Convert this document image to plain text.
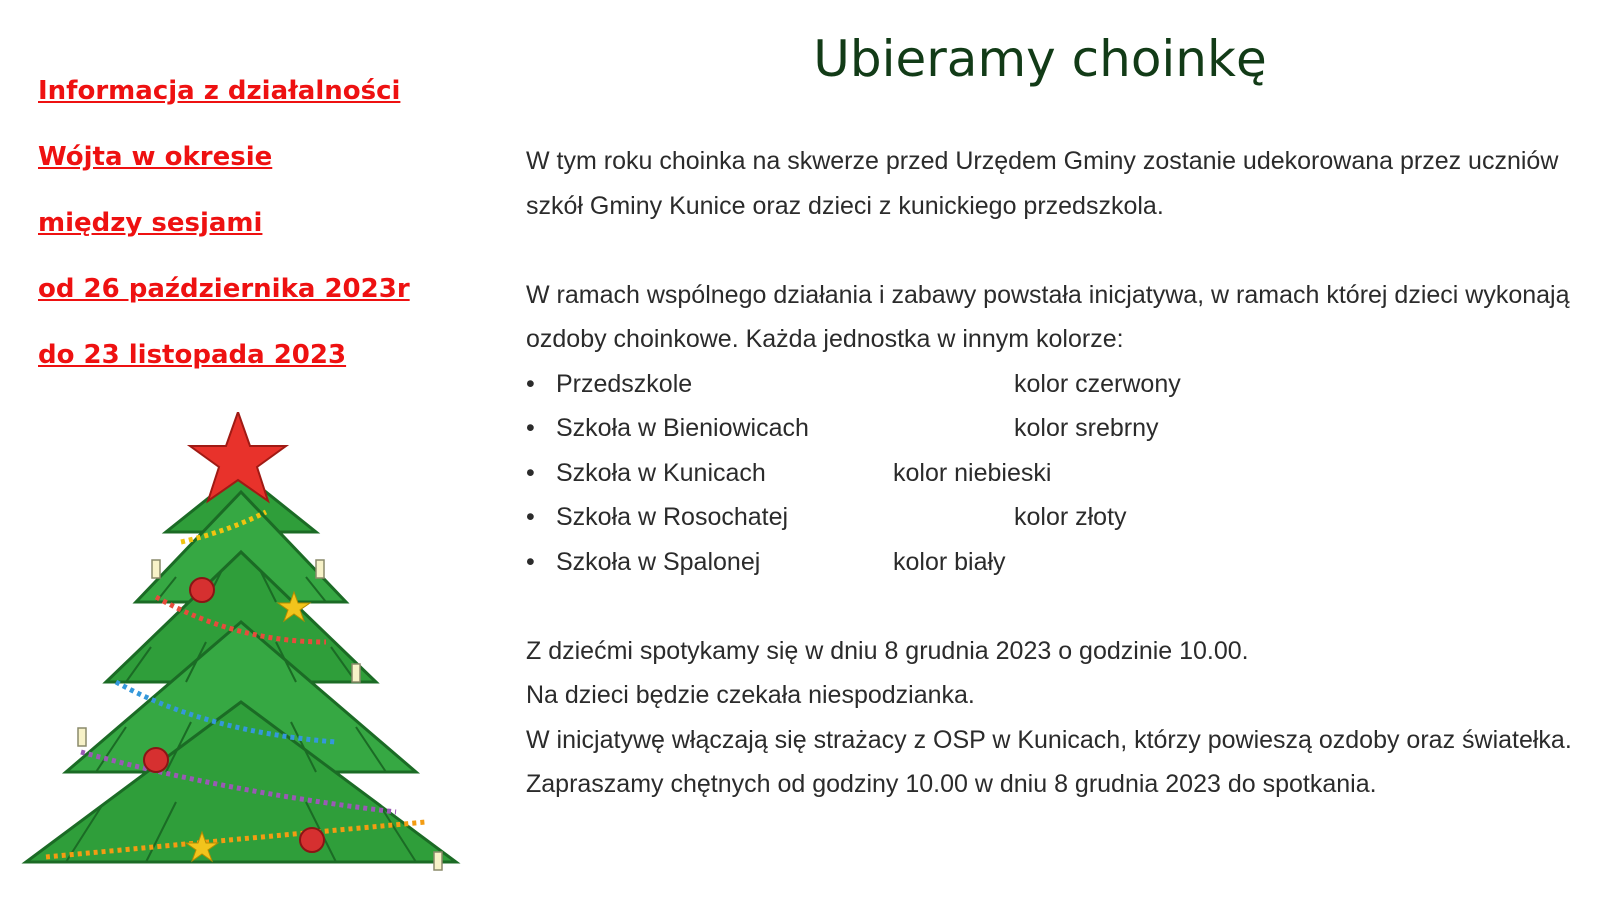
Informacja z działalności
Wójta w okresie
między sesjami
od 26 października 2023r
do 23 listopada 2023
Ubieramy choinkę

W tym roku choinka na skwerze przed Urzędem Gminy zostanie udekorowana przez uczniów

szkół Gminy Kunice oraz dzieci z kunickiego przedszkola.

W ramach wspólnego działania i zabawy powstała inicjatywa, w ramach której dzieci wykonają

ozdoby choinkowe. Każda jednostka w innym kolorze:

• Przedszkole	kolor czerwony
• Szkoła w Bieniowicach	kolor srebrny
• Szkoła w Kunicach	kolor niebieski
• Szkoła w Rosochatej	kolor złoty
• Szkoła w Spalonej	kolor biały

Z dziećmi spotykamy się w dniu 8 grudnia 2023 o godzinie 10.00.

Na dzieci będzie czekała niespodzianka.

W inicjatywę włączają się strażacy z OSP w Kunicach, którzy powieszą ozdoby oraz światełka.

Zapraszamy chętnych od godziny 10.00 w dniu 8 grudnia 2023 do spotkania.
